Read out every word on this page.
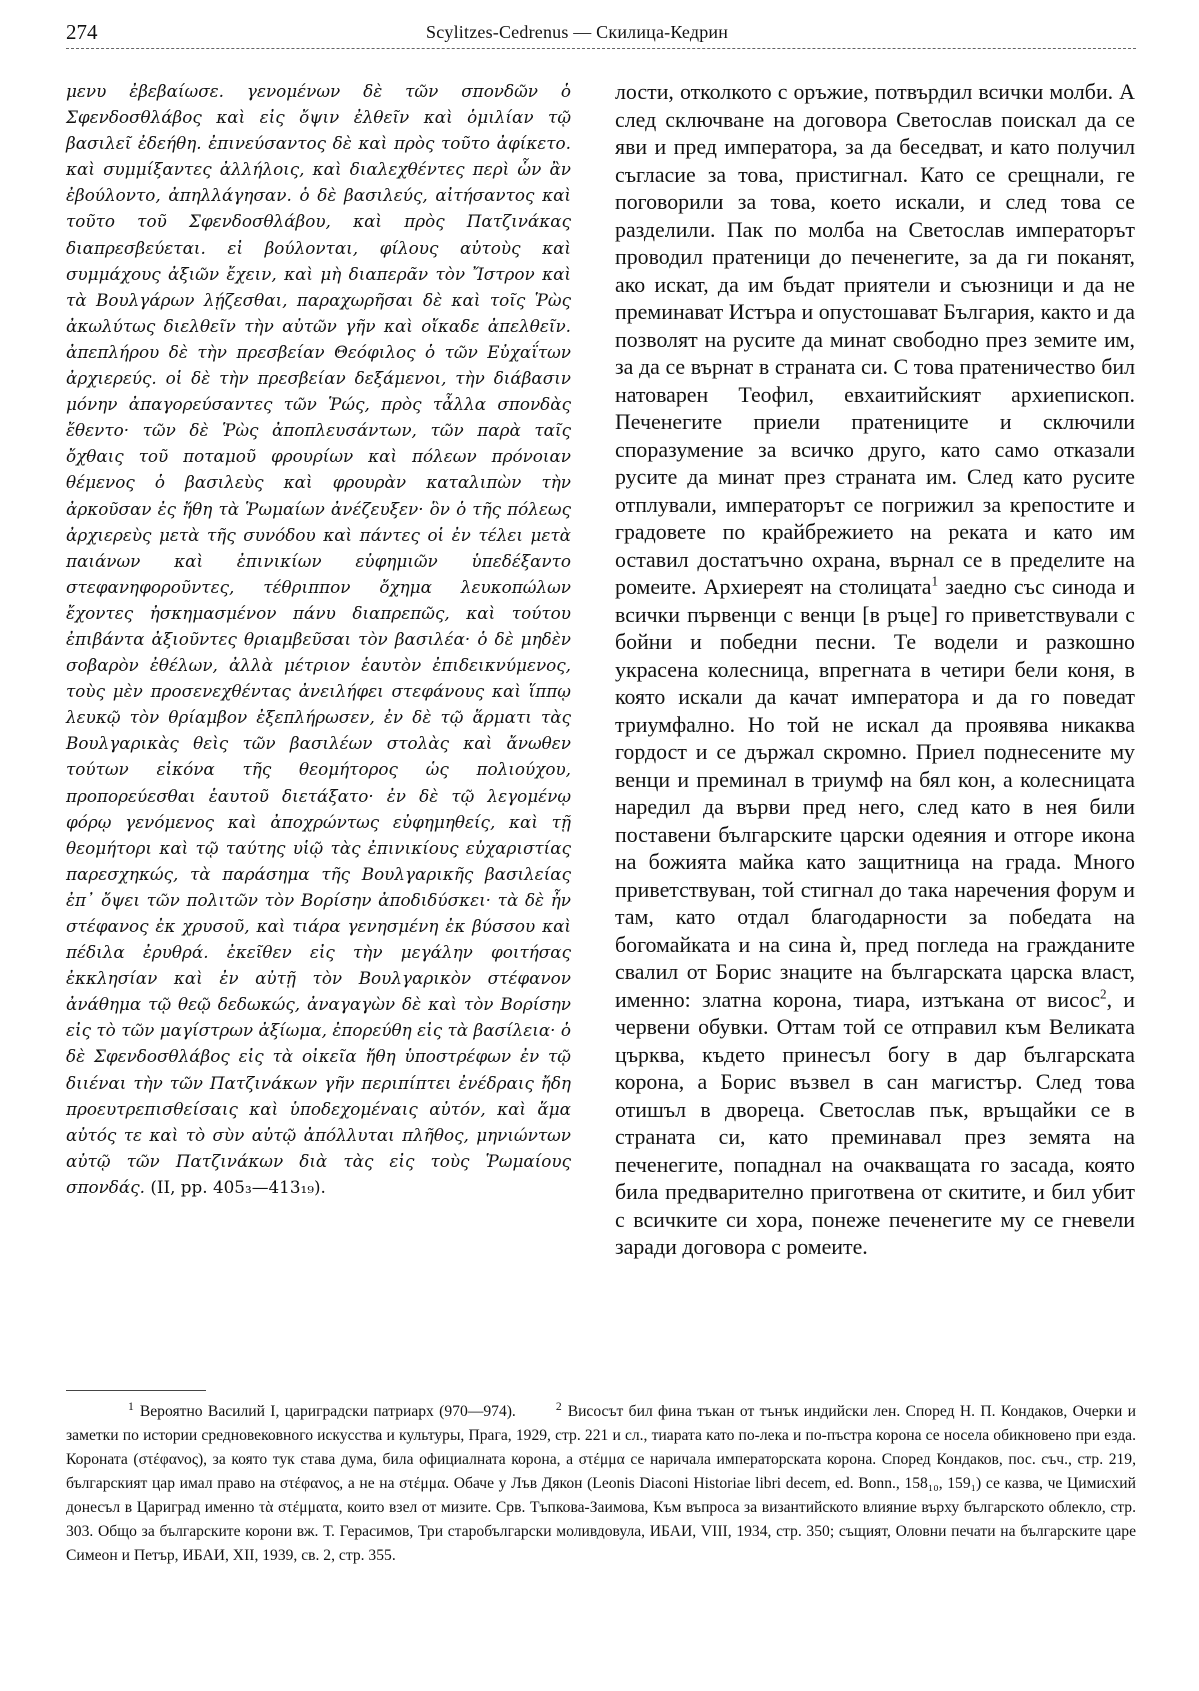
274	Scylitzes-Cedrenus — Скилица-Кедрин

μενυ ἐβεβαίωσε. γενομένων δὲ τῶν σπονδῶν ὁ Σφενδοσθλάβος καὶ εἰς ὄψιν ἐλθεῖν καὶ ὁμιλίαν τῷ βασιλεῖ ἐδεήθη. ἐπινεύσαντος δὲ καὶ πρὸς τοῦτο ἀφίκετο. καὶ συμμίξαντες ἀλλήλοις, καὶ διαλεχθέντες περὶ ὧν ἂν ἐβούλοντο, ἀπηλλάγησαν. ὁ δὲ βασιλεύς, αἰτήσαντος καὶ τοῦτο τοῦ Σφενδοσθλάβου, καὶ πρὸς Πατζινάκας διαπρεσβεύεται. εἰ βούλονται, φίλους αὐτοὺς καὶ συμμάχους ἀξιῶν ἔχειν, καὶ μὴ διαπερᾶν τὸν Ἴστρον καὶ τὰ Βουλγάρων λῄζεσθαι, παραχωρῆσαι δὲ καὶ τοῖς Ῥὼς ἀκωλύτως διελθεῖν τὴν αὐτῶν γῆν καὶ οἴκαδε ἀπελθεῖν. ἀπεπλήρου δὲ τὴν πρεσβείαν Θεόφιλος ὁ τῶν Εὐχαΐτων ἀρχιερεύς. οἱ δὲ τὴν πρεσβείαν δεξάμενοι, τὴν διάβασιν μόνην ἀπαγορεύσαντες τῶν Ῥώς, πρὸς τἆλλα σπονδὰς ἔθεντο· τῶν δὲ Ῥὼς ἀποπλευσάντων, τῶν παρὰ ταῖς ὄχθαις τοῦ ποταμοῦ φρουρίων καὶ πόλεων πρόνοιαν θέμενος ὁ βασιλεὺς καὶ φρουρὰν καταλιπὼν τὴν ἀρκοῦσαν ἐς ἤθη τὰ Ῥωμαίων ἀνέζευξεν· ὃν ὁ τῆς πόλεως ἀρχιερεὺς μετὰ τῆς συνόδου καὶ πάντες οἱ ἐν τέλει μετὰ παιάνων καὶ ἐπινικίων εὐφημιῶν ὑπεδέξαντο στεφανηφοροῦντες, τέθριππον ὄχημα λευκοπώλων ἔχοντες ἠσκημασμένον πάνυ διαπρεπῶς, καὶ τούτου ἐπιβάντα ἀξιοῦντες θριαμβεῦσαι τὸν βασιλέα· ὁ δὲ μηδὲν σοβαρὸν ἐθέλων, ἀλλὰ μέτριον ἑαυτὸν ἐπιδεικνύμενος, τοὺς μὲν προσενεχθέντας ἀνειλήφει στεφάνους καὶ ἵππῳ λευκῷ τὸν θρίαμβον ἐξεπλήρωσεν, ἐν δὲ τῷ ἅρματι τὰς Βουλγαρικὰς θεὶς τῶν βασιλέων στολὰς καὶ ἄνωθεν τούτων εἰκόνα τῆς θεομήτορος ὡς πολιούχου, προπορεύεσθαι ἑαυτοῦ διετάξατο· ἐν δὲ τῷ λεγομένῳ φόρῳ γενόμενος καὶ ἀποχρώντως εὐφημηθείς, καὶ τῇ θεομήτορι καὶ τῷ ταύτης υἱῷ τὰς ἐπινικίους εὐχαριστίας παρεσχηκώς, τὰ παράσημα τῆς Βουλγαρικῆς βασιλείας ἐπ᾽ ὄψει τῶν πολιτῶν τὸν Βορίσην ἀποδιδύσκει· τὰ δὲ ἦν στέφανος ἐκ χρυσοῦ, καὶ τιάρα γενησμένη ἐκ βύσσου καὶ πέδιλα ἐρυθρά. ἐκεῖθεν εἰς τὴν μεγάλην φοιτήσας ἐκκλησίαν καὶ ἐν αὐτῇ τὸν Βουλγαρικὸν στέφανον ἀνάθημα τῷ θεῷ δεδωκώς, ἀναγαγὼν δὲ καὶ τὸν Βορίσην εἰς τὸ τῶν μαγίστρων ἀξίωμα, ἐπορεύθη εἰς τὰ βασίλεια· ὁ δὲ Σφενδοσθλάβος εἰς τὰ οἰκεῖα ἤθη ὑποστρέφων ἐν τῷ διιέναι τὴν τῶν Πατζινάκων γῆν περιπίπτει ἐνέδραις ἤδη προευτρεπισθείσαις καὶ ὑποδεχομέναις αὐτόν, καὶ ἅμα αὐτός τε καὶ τὸ σὺν αὐτῷ ἀπόλλυται πλῆθος, μηνιώντων αὐτῷ τῶν Πατζινάκων διὰ τὰς εἰς τοὺς Ῥωμαίους σπονδάς. (II, pp. 405₃—413₁₉).

лости, отколкото с оръжие, потвърдил всички молби. А след сключване на договора Светослав поискал да се яви и пред императора, за да беседват, и като получил съгласие за това, пристигнал. Като се срещнали, ге поговорили за това, което искали, и след това се разделили. Пак по молба на Светослав императорът проводил пратеници до печенегите, за да ги поканят, ако искат, да им бъдат приятели и съюзници и да не преминават Истъра и опустошават България, както и да позволят на русите да минат свободно през земите им, за да се върнат в страната си. С това пратеничество бил натоварен Теофил, евхаитийският архиепископ. Печенегите приели пратениците и сключили споразумение за всичко друго, като само отказали русите да минат през страната им. След като русите отплували, императорът се погрижил за крепостите и градовете по крайбрежието на реката и като им оставил достатъчно охрана, върнал се в пределите на ромеите. Архиереят на столицата$^1$ заедно със синода и всички първенци с венци [в ръце] го приветствували с бойни и победни песни. Те водели и разкошно украсена колесница, впрегната в четири бели коня, в която искали да качат императора и да го поведат триумфално. Но той не искал да проявява никаква гордост и се държал скромно. Приел поднесените му венци и преминал в триумф на бял кон, а колесницата наредил да върви пред него, след като в нея били поставени българските царски одеяния и отгоре икона на божията майка като защитница на града. Много приветствуван, той стигнал до така наречения форум и там, като отдал благодарности за победата на богомайката и на сина ѝ, пред погледа на гражданите свалил от Борис знаците на българската царска власт, именно: златна корона, тиара, изтъкана от висос$^2$, и червени обувки. Оттам той се отправил към Великата църква, където принесъл богу в дар българската корона, а Борис възвел в сан магистър. След това отишъл в двореца. Светослав пък, връщайки се в страната си, като преминавал през земята на печенегите, попаднал на очакващата го засада, която била предварително приготвена от скитите, и бил убит с всичките си хора, понеже печенегите му се гневели заради договора с ромеите.

$^1$ Вероятно Василий I, цариградски патриарх (970—974).	$^2$ Висосът бил фина тъкан от тънък индийски лен. Според Н. П. Кондаков, Очерки и заметки по истории средновековного искусства и культуры, Прага, 1929, стр. 221 и сл., тиарата като по-лека и по-пъстра корона се носела обикновено при езда. Короната (στέφανος), за която тук става дума, била официалната корона, а στέμμα се наричала императорската корона. Според Кондаков, пос. съч., стр. 219, българският цар имал право на στέφανος, а не на στέμμα. Обаче у Лъв Дякон (Leonis Diaconi Historiae libri decem, ed. Bonn., 158₁₀, 159₁) се казва, че Цимисхий донесъл в Цариград именно τὰ στέμματα, които взел от мизите. Срв. Тъпкова-Заимова, Към въпроса за византийското влияние върху българското облекло, стр. 303. Общо за българските корони вж. Т. Герасимов, Три старобългарски моливдовула, ИБАИ, VIII, 1934, стр. 350; същият, Оловни печати на българските царе Симеон и Петър, ИБАИ, XII, 1939, св. 2, стр. 355.
